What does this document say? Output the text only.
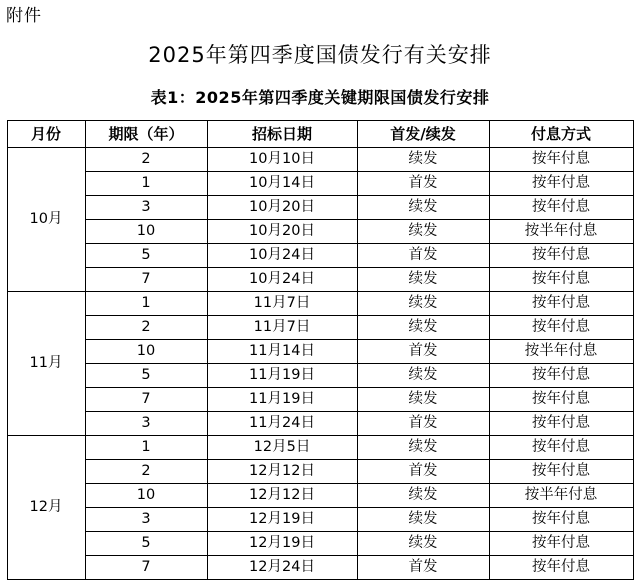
附件
2025年第四季度国债发行有关安排
表1：2025年第四季度关键期限国债发行安排
月份	期限（年）	招标日期	首发/续发	付息方式
10月	2	10月10日	续发	按年付息
	1	10月14日	首发	按年付息
	3	10月20日	续发	按年付息
	10	10月20日	续发	按半年付息
	5	10月24日	首发	按年付息
	7	10月24日	续发	按年付息
11月	1	11月7日	续发	按年付息
	2	11月7日	续发	按年付息
	10	11月14日	首发	按半年付息
	5	11月19日	续发	按年付息
	7	11月19日	续发	按年付息
	3	11月24日	首发	按年付息
12月	1	12月5日	续发	按年付息
	2	12月12日	首发	按年付息
	10	12月12日	续发	按半年付息
	3	12月19日	续发	按年付息
	5	12月19日	续发	按年付息
	7	12月24日	首发	按年付息
